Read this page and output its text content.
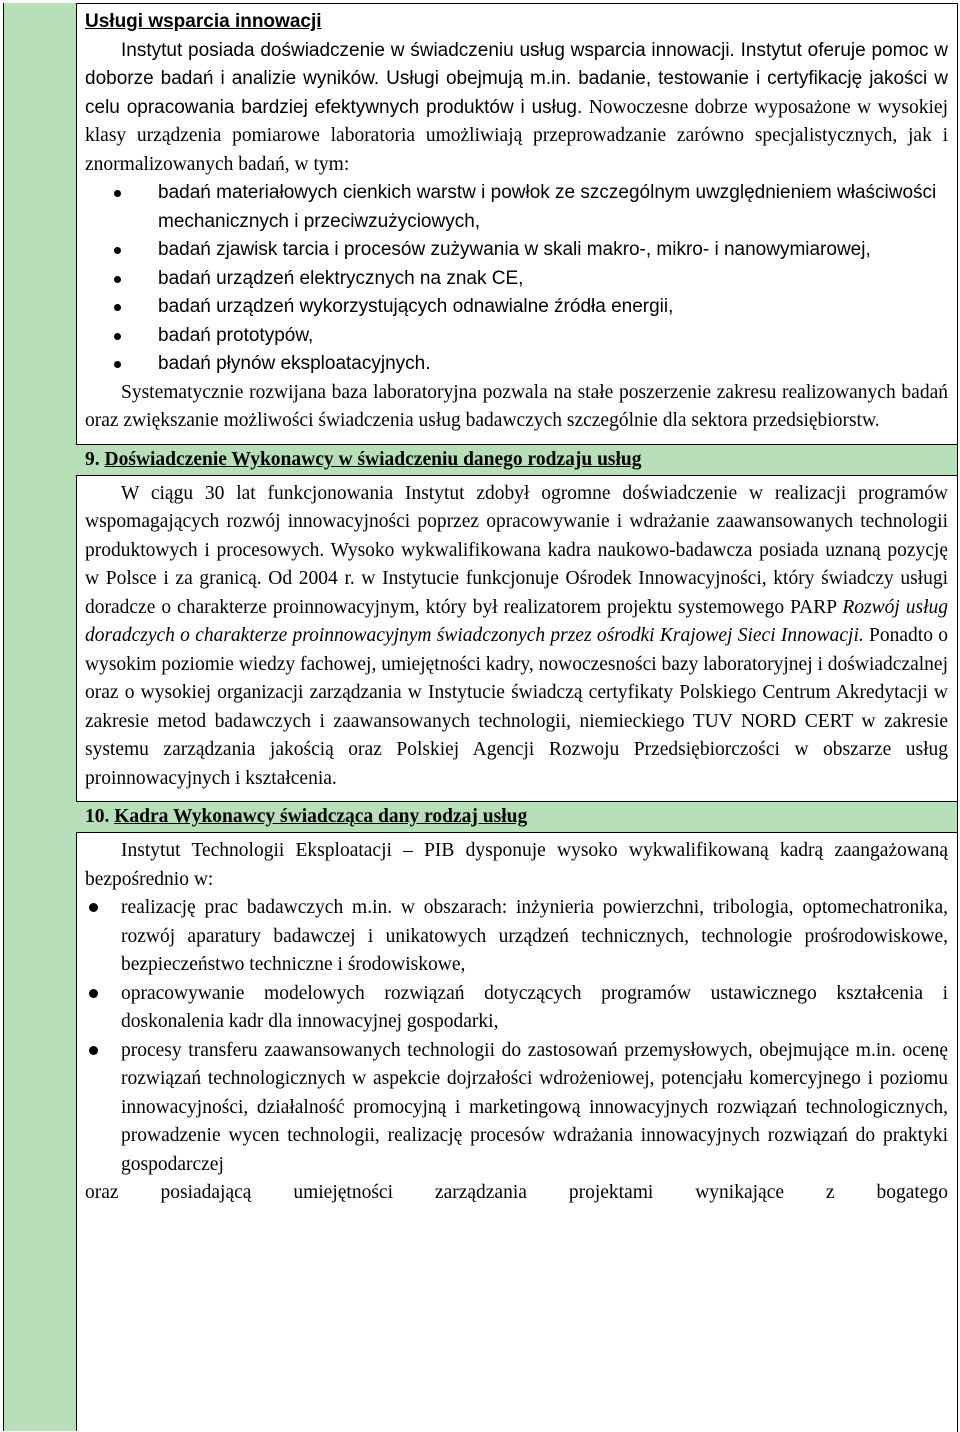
Usługi wsparcia innowacji

Instytut posiada doświadczenie w świadczeniu usług wsparcia innowacji. Instytut oferuje pomoc w doborze badań i analizie wyników. Usługi obejmują m.in. badanie, testowanie i certyfikację jakości w celu opracowania bardziej efektywnych produktów i usług. Nowoczesne dobrze wyposażone w wysokiej klasy urządzenia pomiarowe laboratoria umożliwiają przeprowadzanie zarówno specjalistycznych, jak i znormalizowanych badań, w tym:

badań materiałowych cienkich warstw i powłok ze szczególnym uwzględnieniem właściwości mechanicznych i przeciwzużyciowych,
badań zjawisk tarcia i procesów zużywania w skali makro-, mikro- i nanowymiarowej,
badań urządzeń elektrycznych na znak CE,
badań urządzeń wykorzystujących odnawialne źródła energii,
badań prototypów,
badań płynów eksploatacyjnych.

Systematycznie rozwijana baza laboratoryjna pozwala na stałe poszerzenie zakresu realizowanych badań oraz zwiększanie możliwości świadczenia usług badawczych szczególnie dla sektora przedsiębiorstw.

9. Doświadczenie Wykonawcy w świadczeniu danego rodzaju usług

W ciągu 30 lat funkcjonowania Instytut zdobył ogromne doświadczenie w realizacji programów wspomagających rozwój innowacyjności poprzez opracowywanie i wdrażanie zaawansowanych technologii produktowych i procesowych. Wysoko wykwalifikowana kadra naukowo-badawcza posiada uznaną pozycję w Polsce i za granicą. Od 2004 r. w Instytucie funkcjonuje Ośrodek Innowacyjności, który świadczy usługi doradcze o charakterze proinnowacyjnym, który był realizatorem projektu systemowego PARP Rozwój usług doradczych o charakterze proinnowacyjnym świadczonych przez ośrodki Krajowej Sieci Innowacji. Ponadto o wysokim poziomie wiedzy fachowej, umiejętności kadry, nowoczesności bazy laboratoryjnej i doświadczalnej oraz o wysokiej organizacji zarządzania w Instytucie świadczą certyfikaty Polskiego Centrum Akredytacji w zakresie metod badawczych i zaawansowanych technologii, niemieckiego TUV NORD CERT w zakresie systemu zarządzania jakością oraz Polskiej Agencji Rozwoju Przedsiębiorczości w obszarze usług proinnowacyjnych i kształcenia.

10. Kadra Wykonawcy świadcząca dany rodzaj usług

Instytut Technologii Eksploatacji – PIB dysponuje wysoko wykwalifikowaną kadrą zaangażowaną bezpośrednio w:

realizację prac badawczych m.in. w obszarach: inżynieria powierzchni, tribologia, optomechatronika, rozwój aparatury badawczej i unikatowych urządzeń technicznych, technologie prośrodowiskowe, bezpieczeństwo techniczne i środowiskowe,
opracowywanie modelowych rozwiązań dotyczących programów ustawicznego kształcenia i doskonalenia kadr dla innowacyjnej gospodarki,
procesy transferu zaawansowanych technologii do zastosowań przemysłowych, obejmujące m.in. ocenę rozwiązań technologicznych w aspekcie dojrzałości wdrożeniowej, potencjału komercyjnego i poziomu innowacyjności, działalność promocyjną i marketingową innowacyjnych rozwiązań technologicznych, prowadzenie wycen technologii, realizację procesów wdrażania innowacyjnych rozwiązań do praktyki gospodarczej

oraz posiadającą umiejętności zarządzania projektami wynikające z bogatego
